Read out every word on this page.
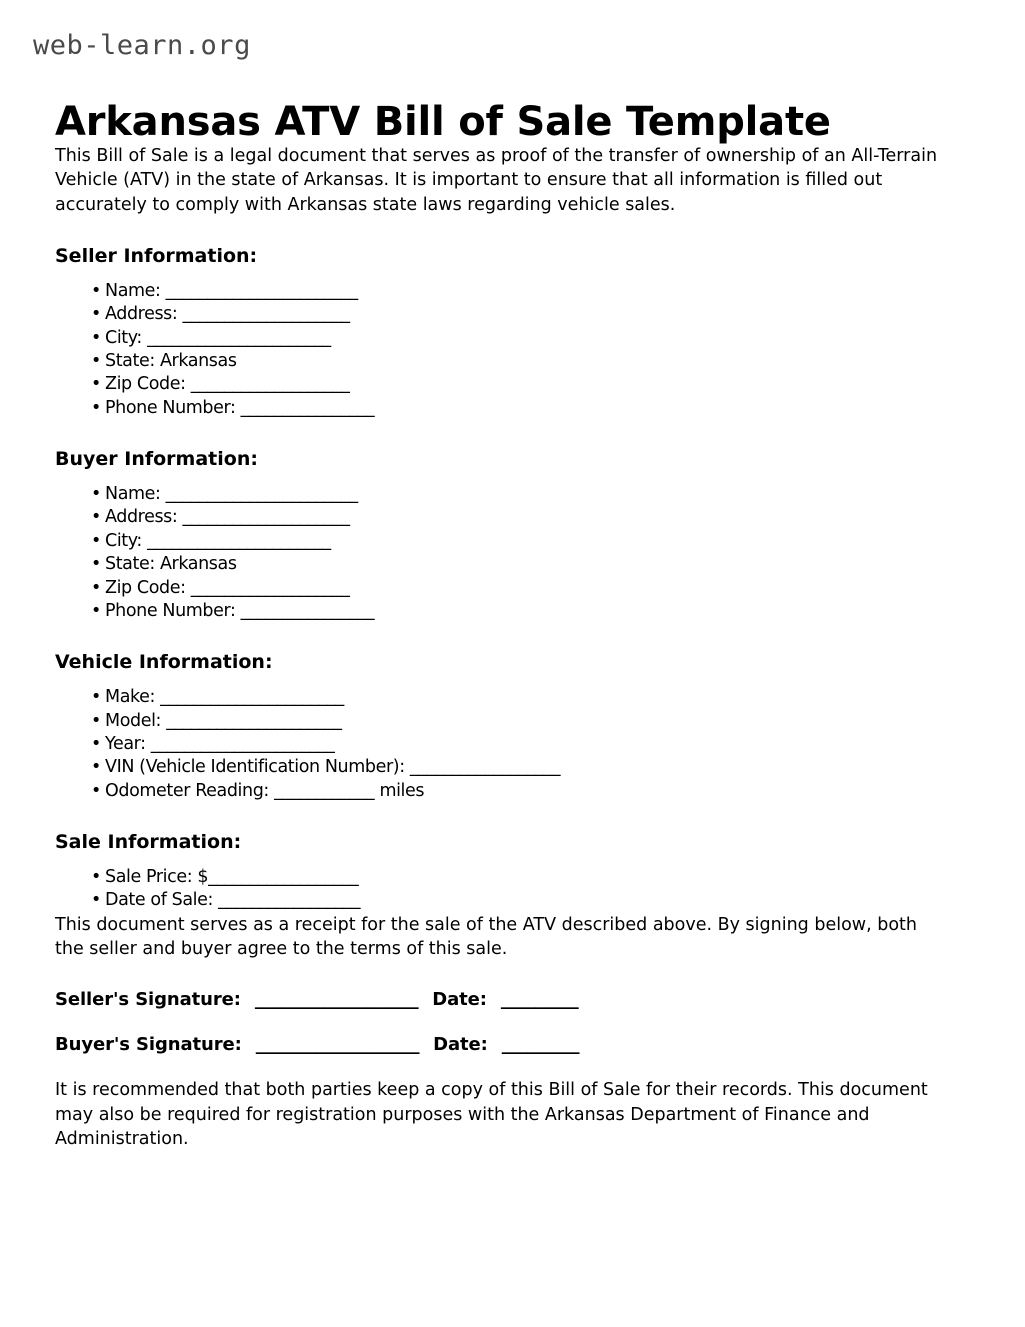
web-learn.org
Arkansas ATV Bill of Sale Template

This Bill of Sale is a legal document that serves as proof of the transfer of ownership of an All-Terrain Vehicle (ATV) in the state of Arkansas. It is important to ensure that all information is filled out accurately to comply with Arkansas state laws regarding vehicle sales.

Seller Information:
• Name: _______________________
• Address: ____________________
• City: ______________________
• State: Arkansas
• Zip Code: ___________________
• Phone Number: ________________
Buyer Information:
• Name: _______________________
• Address: ____________________
• City: ______________________
• State: Arkansas
• Zip Code: ___________________
• Phone Number: ________________
Vehicle Information:
• Make: ______________________
• Model: _____________________
• Year: ______________________
• VIN (Vehicle Identification Number): __________________
• Odometer Reading: ____________ miles
Sale Information:
• Sale Price: $__________________
• Date of Sale: _________________

This document serves as a receipt for the sale of the ATV described above. By signing below, both the seller and buyer agree to the terms of this sale.

Seller's Signature: ___________________ Date: _________
Buyer's Signature: ___________________ Date: _________

It is recommended that both parties keep a copy of this Bill of Sale for their records. This document may also be required for registration purposes with the Arkansas Department of Finance and Administration.
